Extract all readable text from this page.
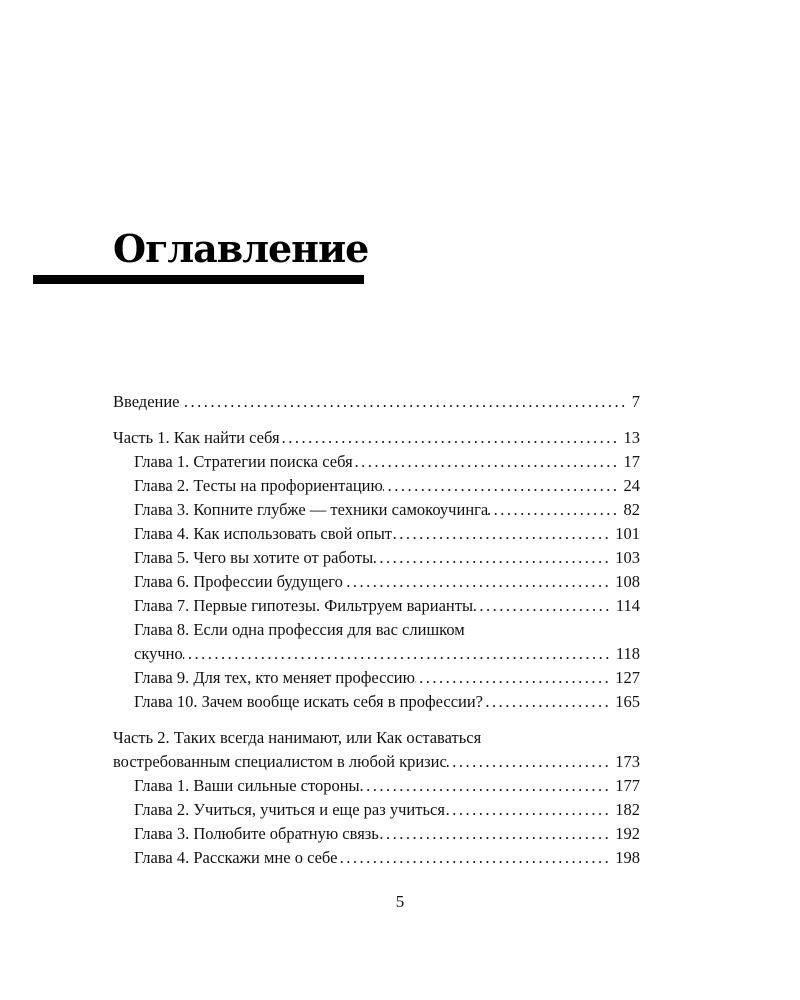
Оглавление
Введение .....	7
Часть 1. Как найти себя .....	13
Глава 1. Стратегии поиска себя .....	17
Глава 2. Тесты на профориентацию .....	24
Глава 3. Копните глубже — техники самокоучинга .....	82
Глава 4. Как использовать свой опыт .....	101
Глава 5. Чего вы хотите от работы .....	103
Глава 6. Профессии будущего .....	108
Глава 7. Первые гипотезы. Фильтруем варианты .....	114
Глава 8. Если одна профессия для вас слишком
скучно .....	118
Глава 9. Для тех, кто меняет профессию .....	127
Глава 10. Зачем вообще искать себя в профессии? .....	165
Часть 2. Таких всегда нанимают, или Как оставаться
востребованным специалистом в любой кризис .....	173
Глава 1. Ваши сильные стороны .....	177
Глава 2. Учиться, учиться и еще раз учиться .....	182
Глава 3. Полюбите обратную связь .....	192
Глава 4. Расскажи мне о себе .....	198
5
